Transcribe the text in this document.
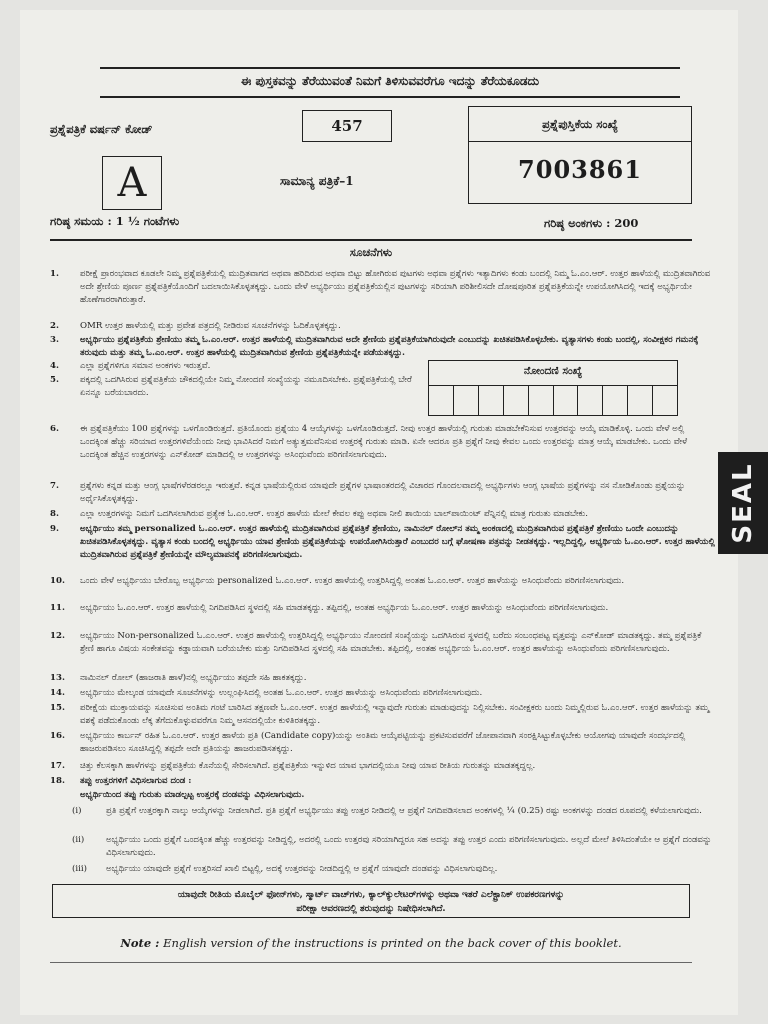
ಈ ಪುಸ್ತಕವನ್ನು ತೆರೆಯುವಂತೆ ನಿಮಗೆ ತಿಳಿಸುವವರೆಗೂ ಇದನ್ನು ತೆರೆಯಕೂಡದು
ಪ್ರಶ್ನೆಪತ್ರಿಕೆ ವರ್ಷನ್ ಕೋಡ್	457
A	ಸಾಮಾನ್ಯ ಪತ್ರಿಕೆ–1
ಪ್ರಶ್ನೆಪುಸ್ತಿಕೆಯ ಸಂಖ್ಯೆ
7003861
ಗರಿಷ್ಠ ಸಮಯ : 1 ½ ಗಂಟೆಗಳು	ಗರಿಷ್ಠ ಅಂಕಗಳು : 200
ಸೂಚನೆಗಳು
1.	ಪರೀಕ್ಷೆ ಪ್ರಾರಂಭವಾದ ಕೂಡಲೇ ನಿಮ್ಮ ಪ್ರಶ್ನೆಪತ್ರಿಕೆಯಲ್ಲಿ ಮುದ್ರಿತವಾಗದ ಅಥವಾ ಹರಿದಿರುವ ಅಥವಾ ಬಿಟ್ಟು ಹೋಗಿರುವ ಪುಟಗಳು ಅಥವಾ ಪ್ರಶ್ನೆಗಳು ಇತ್ಯಾದಿಗಳು ಕಂಡು ಬಂದಲ್ಲಿ ನಿಮ್ಮ ಓ.ಎಂ.ಆರ್. ಉತ್ತರ ಹಾಳೆಯಲ್ಲಿ ಮುದ್ರಿತವಾಗಿರುವ ಅದೇ ಶ್ರೇಣಿಯ ಪೂರ್ಣ ಪ್ರಶ್ನೆಪತ್ರಿಕೆಯೊಂದಿಗೆ ಬದಲಾಯಿಸಿಕೊಳ್ಳತಕ್ಕದ್ದು. ಒಂದು ವೇಳೆ ಅಭ್ಯರ್ಥಿಯು ಪ್ರಶ್ನೆಪತ್ರಿಕೆಯಲ್ಲಿನ ಪುಟಗಳನ್ನು ಸರಿಯಾಗಿ ಪರಿಶೀಲಿಸದೇ ದೋಷಪೂರಿತ ಪ್ರಶ್ನೆಪತ್ರಿಕೆಯನ್ನೇ ಉಪಯೋಗಿಸಿದಲ್ಲಿ ಇದಕ್ಕೆ ಅಭ್ಯರ್ಥಿಯೇ ಹೊಣೆಗಾರರಾಗಿರುತ್ತಾರೆ.
2.	OMR ಉತ್ತರ ಹಾಳೆಯಲ್ಲಿ ಮತ್ತು ಪ್ರವೇಶ ಪತ್ರದಲ್ಲಿ ನೀಡಿರುವ ಸೂಚನೆಗಳನ್ನು ಓದಿಕೊಳ್ಳತಕ್ಕದ್ದು.
3.	ಅಭ್ಯರ್ಥಿಯು ಪ್ರಶ್ನೆಪತ್ರಿಕೆಯ ಶ್ರೇಣಿಯು ತಮ್ಮ ಓ.ಎಂ.ಆರ್. ಉತ್ತರ ಹಾಳೆಯಲ್ಲಿ ಮುದ್ರಿತವಾಗಿರುವ ಅದೇ ಶ್ರೇಣಿಯ ಪ್ರಶ್ನೆಪತ್ರಿಕೆಯಾಗಿರುವುದೇ ಎಂಬುದನ್ನು ಖಚಿತಪಡಿಸಿಕೊಳ್ಳಬೇಕು. ವ್ಯತ್ಯಾಸಗಳು ಕಂಡು ಬಂದಲ್ಲಿ, ಸಂವೀಕ್ಷಕರ ಗಮನಕ್ಕೆ ತರುವುದು ಮತ್ತು ತಮ್ಮ ಓ.ಎಂ.ಆರ್. ಉತ್ತರ ಹಾಳೆಯಲ್ಲಿ ಮುದ್ರಿತವಾಗಿರುವ ಶ್ರೇಣಿಯ ಪ್ರಶ್ನೆಪತ್ರಿಕೆಯನ್ನೇ ಪಡೆಯತಕ್ಕದ್ದು.
4.	ಎಲ್ಲಾ ಪ್ರಶ್ನೆಗಳಿಗೂ ಸಮಾನ ಅಂಕಗಳು ಇರುತ್ತವೆ.
5.	ಪಕ್ಕದಲ್ಲಿ ಒದಗಿಸಿರುವ ಪ್ರಶ್ನೆಪತ್ರಿಕೆಯ ಚೌಕದಲ್ಲಿಯೇ ನಿಮ್ಮ ನೋಂದಣಿ ಸಂಖ್ಯೆಯನ್ನು ನಮೂದಿಸಬೇಕು. ಪ್ರಶ್ನೆಪತ್ರಿಕೆಯಲ್ಲಿ ಬೇರೆ ಏನನ್ನೂ ಬರೆಯಬಾರದು.
ನೋಂದಣಿ ಸಂಖ್ಯೆ
6.	ಈ ಪ್ರಶ್ನೆಪತ್ರಿಕೆಯು 100 ಪ್ರಶ್ನೆಗಳನ್ನು ಒಳಗೊಂಡಿರುತ್ತದೆ. ಪ್ರತಿಯೊಂದು ಪ್ರಶ್ನೆಯು 4 ಆಯ್ಕೆಗಳನ್ನು ಒಳಗೊಂಡಿರುತ್ತದೆ. ನೀವು ಉತ್ತರ ಹಾಳೆಯಲ್ಲಿ ಗುರುತು ಮಾಡಬೇಕೆನಿಸುವ ಉತ್ತರವನ್ನು ಆಯ್ಕೆ ಮಾಡಿಕೊಳ್ಳಿ. ಒಂದು ವೇಳೆ ಅಲ್ಲಿ ಒಂದಕ್ಕಿಂತ ಹೆಚ್ಚು ಸರಿಯಾದ ಉತ್ತರಗಳಿವೆಯೆಂದು ನೀವು ಭಾವಿಸಿದರೆ ನಿಮಗೆ ಅತ್ಯುತ್ತಮವೆನಿಸುವ ಉತ್ತರಕ್ಕೆ ಗುರುತು ಮಾಡಿ. ಏನೇ ಆದರೂ ಪ್ರತಿ ಪ್ರಶ್ನೆಗೆ ನೀವು ಕೇವಲ ಒಂದು ಉತ್ತರವನ್ನು ಮಾತ್ರ ಆಯ್ಕೆ ಮಾಡಬೇಕು. ಒಂದು ವೇಳೆ ಒಂದಕ್ಕಿಂತ ಹೆಚ್ಚಿನ ಉತ್ತರಗಳನ್ನು ಎನ್‌ಕೋಡ್ ಮಾಡಿದಲ್ಲಿ ಆ ಉತ್ತರಗಳನ್ನು ಅಸಿಂಧುವೆಂದು ಪರಿಗಣಿಸಲಾಗುವುದು.
7.	ಪ್ರಶ್ನೆಗಳು ಕನ್ನಡ ಮತ್ತು ಆಂಗ್ಲ ಭಾಷೆಗಳೆರಡರಲ್ಲೂ ಇರುತ್ತವೆ. ಕನ್ನಡ ಭಾಷೆಯಲ್ಲಿರುವ ಯಾವುದೇ ಪ್ರಶ್ನೆಗಳ ಭಾಷಾಂತರದಲ್ಲಿ ವಿಚಾರದ ಗೊಂದಲವಾದಲ್ಲಿ ಅಭ್ಯರ್ಥಿಗಳು ಆಂಗ್ಲ ಭಾಷೆಯ ಪ್ರಶ್ನೆಗಳನ್ನು ನಸ ನೋಡಿಕೊಂಡು ಪ್ರಶ್ನೆಯನ್ನು ಅರ್ಥೈಸಿಕೊಳ್ಳತಕ್ಕದ್ದು.
8.	ಎಲ್ಲಾ ಉತ್ತರಗಳನ್ನು ನಿಮಗೆ ಒದಗಿಸಲಾಗಿರುವ ಪ್ರತ್ಯೇಕ ಓ.ಎಂ.ಆರ್. ಉತ್ತರ ಹಾಳೆಯ ಮೇಲೆ ಕೇವಲ ಕಪ್ಪು ಅಥವಾ ನೀಲಿ ಶಾಯಿಯ ಬಾಲ್‌ಪಾಯಿಂಟ್ ಪೆನ್ನಿನಲ್ಲಿ ಮಾತ್ರ ಗುರುತು ಮಾಡಬೇಕು.
9.	ಅಭ್ಯರ್ಥಿಯು ತಮ್ಮ personalized ಓ.ಎಂ.ಆರ್. ಉತ್ತರ ಹಾಳೆಯಲ್ಲಿ ಮುದ್ರಿತವಾಗಿರುವ ಪ್ರಶ್ನೆಪತ್ರಿಕೆ ಶ್ರೇಣಿಯು, ನಾಮಿನಲ್ ರೋಲ್‌ನ ತಮ್ಮ ಅಂಕಣದಲ್ಲಿ ಮುದ್ರಿತವಾಗಿರುವ ಪ್ರಶ್ನೆಪತ್ರಿಕೆ ಶ್ರೇಣಿಯು ಒಂದೇ ಎಂಬುದನ್ನು ಖಚಿತಪಡಿಸಿಕೊಳ್ಳತಕ್ಕದ್ದು. ವ್ಯತ್ಯಾಸ ಕಂಡು ಬಂದಲ್ಲಿ ಅಭ್ಯರ್ಥಿಯು ಯಾವ ಶ್ರೇಣಿಯ ಪ್ರಶ್ನೆಪತ್ರಿಕೆಯನ್ನು ಉಪಯೋಗಿಸಿರುತ್ತಾರೆ ಎಂಬುದರ ಬಗ್ಗೆ ಘೋಷಣಾ ಪತ್ರವನ್ನು ನೀಡತಕ್ಕದ್ದು. ಇಲ್ಲದಿದ್ದಲ್ಲಿ, ಅಭ್ಯರ್ಥಿಯ ಓ.ಎಂ.ಆರ್. ಉತ್ತರ ಹಾಳೆಯಲ್ಲಿ ಮುದ್ರಿತವಾಗಿರುವ ಪ್ರಶ್ನೆಪತ್ರಿಕೆ ಶ್ರೇಣಿಯನ್ನೇ ಮೌಲ್ಯಮಾಪನಕ್ಕೆ ಪರಿಗಣಿಸಲಾಗುವುದು.
10.	ಒಂದು ವೇಳೆ ಅಭ್ಯರ್ಥಿಯು ಬೇರೊಬ್ಬ ಅಭ್ಯರ್ಥಿಯ personalized ಓ.ಎಂ.ಆರ್. ಉತ್ತರ ಹಾಳೆಯಲ್ಲಿ ಉತ್ತರಿಸಿದ್ದಲ್ಲಿ ಅಂತಹ ಓ.ಎಂ.ಆರ್. ಉತ್ತರ ಹಾಳೆಯನ್ನು ಅಸಿಂಧುವೆಂದು ಪರಿಗಣಿಸಲಾಗುವುದು.
11.	ಅಭ್ಯರ್ಥಿಯು ಓ.ಎಂ.ಆರ್. ಉತ್ತರ ಹಾಳೆಯಲ್ಲಿ ನಿಗದಿಪಡಿಸಿದ ಸ್ಥಳದಲ್ಲಿ ಸಹಿ ಮಾಡತಕ್ಕದ್ದು. ತಪ್ಪಿದಲ್ಲಿ, ಅಂತಹ ಅಭ್ಯರ್ಥಿಯ ಓ.ಎಂ.ಆರ್. ಉತ್ತರ ಹಾಳೆಯನ್ನು ಅಸಿಂಧುವೆಂದು ಪರಿಗಣಿಸಲಾಗುವುದು.
12.	ಅಭ್ಯರ್ಥಿಯು Non-personalized ಓ.ಎಂ.ಆರ್. ಉತ್ತರ ಹಾಳೆಯಲ್ಲಿ ಉತ್ತರಿಸಿದ್ದಲ್ಲಿ ಅಭ್ಯರ್ಥಿಯು ನೋಂದಣಿ ಸಂಖ್ಯೆಯನ್ನು ಒದಗಿಸಿರುವ ಸ್ಥಳದಲ್ಲಿ ಬರೆದು ಸಂಬಂಧಪಟ್ಟ ವೃತ್ತವನ್ನು ಎನ್‌ಕೋಡ್ ಮಾಡತಕ್ಕದ್ದು. ತಮ್ಮ ಪ್ರಶ್ನೆಪತ್ರಿಕೆ ಶ್ರೇಣಿ ಹಾಗೂ ವಿಷಯ ಸಂಕೇತವನ್ನು ಕಡ್ಡಾಯವಾಗಿ ಬರೆಯಬೇಕು ಮತ್ತು ನಿಗದಿಪಡಿಸಿದ ಸ್ಥಳದಲ್ಲಿ ಸಹಿ ಮಾಡಬೇಕು. ತಪ್ಪಿದಲ್ಲಿ, ಅಂತಹ ಅಭ್ಯರ್ಥಿಯ ಓ.ಎಂ.ಆರ್. ಉತ್ತರ ಹಾಳೆಯನ್ನು ಅಸಿಂಧುವೆಂದು ಪರಿಗಣಿಸಲಾಗುವುದು.
13.	ನಾಮಿನಲ್ ರೋಲ್‌ (ಹಾಜರಾತಿ ಹಾಳೆ)ನಲ್ಲಿ ಅಭ್ಯರ್ಥಿಯು ತಪ್ಪದೇ ಸಹಿ ಹಾಕತಕ್ಕದ್ದು.
14.	ಅಭ್ಯರ್ಥಿಯು ಮೇಲ್ಕಂಡ ಯಾವುದೇ ಸೂಚನೆಗಳನ್ನು ಉಲ್ಲಂಘಿಸಿದಲ್ಲಿ ಅಂತಹ ಓ.ಎಂ.ಆರ್. ಉತ್ತರ ಹಾಳೆಯನ್ನು ಅಸಿಂಧುವೆಂದು ಪರಿಗಣಿಸಲಾಗುವುದು.
15.	ಪರೀಕ್ಷೆಯ ಮುಕ್ತಾಯವನ್ನು ಸೂಚಿಸುವ ಅಂತಿಮ ಗಂಟೆ ಬಾರಿಸಿದ ತಕ್ಷಣವೇ ಓ.ಎಂ.ಆರ್. ಉತ್ತರ ಹಾಳೆಯಲ್ಲಿ ಇನ್ನಾವುದೇ ಗುರುತು ಮಾಡುವುದನ್ನು ನಿಲ್ಲಿಸಬೇಕು. ಸಂವೀಕ್ಷಕರು ಬಂದು ನಿಮ್ಮಲ್ಲಿರುವ ಓ.ಎಂ.ಆರ್. ಉತ್ತರ ಹಾಳೆಯನ್ನು ತಮ್ಮ ವಶಕ್ಕೆ ಪಡೆದುಕೊಂಡು ಲೆಕ್ಕ ತೆಗೆದುಕೊಳ್ಳುವವರೆಗೂ ನಿಮ್ಮ ಆಸನದಲ್ಲಿಯೇ ಕುಳಿತಿರತಕ್ಕದ್ದು.
16.	ಅಭ್ಯರ್ಥಿಯು ಕಾರ್ಬನ್ ರಹಿತ ಓ.ಎಂ.ಆರ್. ಉತ್ತರ ಹಾಳೆಯ ಪ್ರತಿ (Candidate copy)ಯನ್ನು ಅಂತಿಮ ಆಯ್ಕೆಪಟ್ಟಿಯನ್ನು ಪ್ರಕಟಿಸುವವರೆಗೆ ಜೋಪಾನವಾಗಿ ಸಂರಕ್ಷಿಸಿಟ್ಟುಕೊಳ್ಳಬೇಕು ಆಯೋಗವು ಯಾವುದೇ ಸಂದರ್ಭದಲ್ಲಿ ಹಾಜರುಪಡಿಸಲು ಸೂಚಿಸಿದ್ದಲ್ಲಿ ತಪ್ಪದೇ ಅದೇ ಪ್ರತಿಯನ್ನು ಹಾಜರುಪಡಿಸತಕ್ಕದ್ದು.
17.	ಚಿತ್ತು ಕೆಲಸಕ್ಕಾಗಿ ಹಾಳೆಗಳನ್ನು ಪ್ರಶ್ನೆಪತ್ರಿಕೆಯ ಕೊನೆಯಲ್ಲಿ ಸೇರಿಸಲಾಗಿದೆ. ಪ್ರಶ್ನೆಪತ್ರಿಕೆಯ ಇನ್ನುಳಿದ ಯಾವ ಭಾಗದಲ್ಲಿಯೂ ನೀವು ಯಾವ ರೀತಿಯ ಗುರುತನ್ನು ಮಾಡತಕ್ಕದ್ದಲ್ಲ.
18.	ತಪ್ಪು ಉತ್ತರಗಳಿಗೆ ವಿಧಿಸಲಾಗುವ ದಂಡ :
ಅಭ್ಯರ್ಥಿಯಿಂದ ತಪ್ಪು ಗುರುತು ಮಾಡಲ್ಪಟ್ಟ ಉತ್ತರಕ್ಕೆ ದಂಡವನ್ನು ವಿಧಿಸಲಾಗುವುದು.
(i)	ಪ್ರತಿ ಪ್ರಶ್ನೆಗೆ ಉತ್ತರಕ್ಕಾಗಿ ನಾಲ್ಕು ಆಯ್ಕೆಗಳನ್ನು ನೀಡಲಾಗಿದೆ. ಪ್ರತಿ ಪ್ರಶ್ನೆಗೆ ಅಭ್ಯರ್ಥಿಯು ತಪ್ಪು ಉತ್ತರ ನೀಡಿದಲ್ಲಿ ಆ ಪ್ರಶ್ನೆಗೆ ನಿಗದಿಪಡಿಸಲಾದ ಅಂಕಗಳಲ್ಲಿ ¼ (0.25) ರಷ್ಟು ಅಂಕಗಳನ್ನು ದಂಡದ ರೂಪದಲ್ಲಿ ಕಳೆಯಲಾಗುವುದು.
(ii)	ಅಭ್ಯರ್ಥಿಯು ಒಂದು ಪ್ರಶ್ನೆಗೆ ಒಂದಕ್ಕಿಂತ ಹೆಚ್ಚು ಉತ್ತರವನ್ನು ನೀಡಿದ್ದಲ್ಲಿ, ಅದರಲ್ಲಿ ಒಂದು ಉತ್ತರವು ಸರಿಯಾಗಿದ್ದರೂ ಸಹ ಅದನ್ನು ತಪ್ಪು ಉತ್ತರ ಎಂದು ಪರಿಗಣಿಸಲಾಗುವುದು. ಅಲ್ಲದೆ ಮೇಲೆ ತಿಳಿಸಿದಂತೆಯೇ ಆ ಪ್ರಶ್ನೆಗೆ ದಂಡವನ್ನು ವಿಧಿಸಲಾಗುವುದು.
(iii)	ಅಭ್ಯರ್ಥಿಯು ಯಾವುದೇ ಪ್ರಶ್ನೆಗೆ ಉತ್ತರಿಸದೆ ಖಾಲಿ ಬಿಟ್ಟಲ್ಲಿ, ಅದಕ್ಕೆ ಉತ್ತರವನ್ನು ನೀಡದಿದ್ದಲ್ಲಿ ಆ ಪ್ರಶ್ನೆಗೆ ಯಾವುದೇ ದಂಡವನ್ನು ವಿಧಿಸಲಾಗುವುದಿಲ್ಲ.
ಯಾವುದೇ ರೀತಿಯ ಮೊಬೈಲ್ ಫೋನ್‌ಗಳು, ಸ್ಮಾರ್ಟ್ ವಾಚ್‌ಗಳು, ಕ್ಯಾಲ್‌ಕ್ಯುಲೇಟರ್‌ಗಳನ್ನು ಅಥವಾ ಇತರೆ ಎಲೆಕ್ಟ್ರಾನಿಕ್ ಉಪಕರಣಗಳನ್ನು
ಪರೀಕ್ಷಾ ಆವರಣದಲ್ಲಿ ತರುವುದನ್ನು ನಿಷೇಧಿಸಲಾಗಿದೆ.
Note : English version of the instructions is printed on the back cover of this booklet.
SEAL
